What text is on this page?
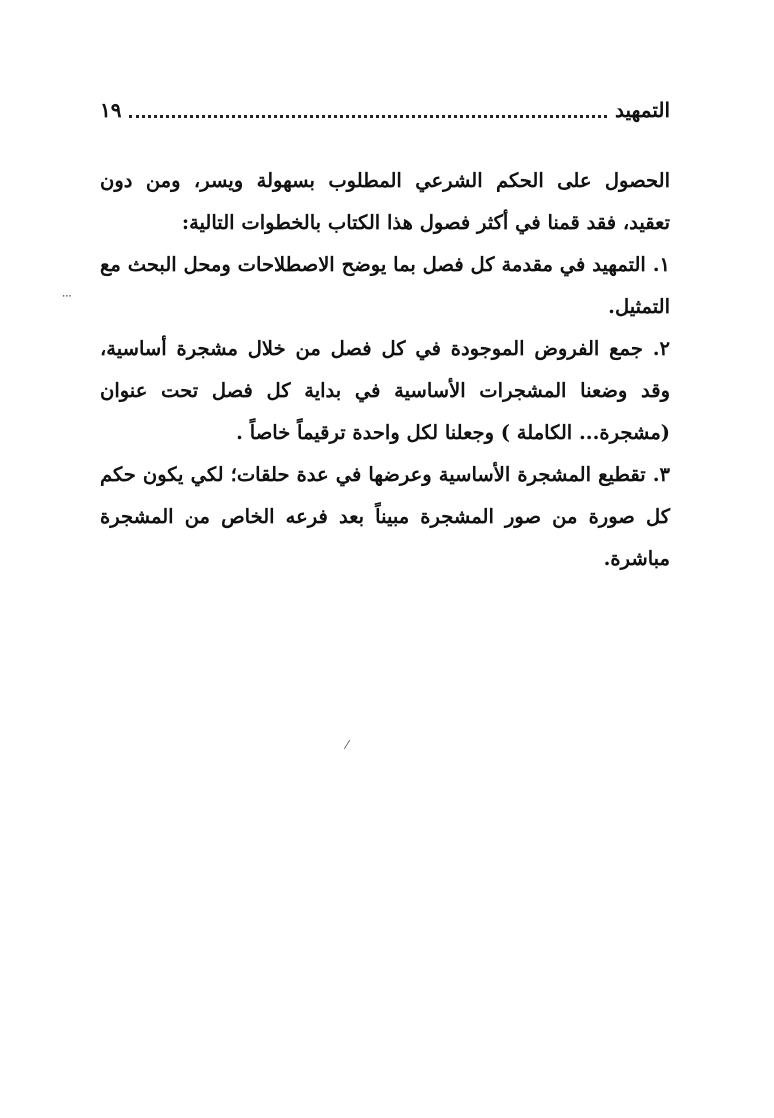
التمهيد
١٩

الحصول على الحكم الشرعي المطلوب بسهولة ويسر، ومن دون تعقيد، فقد قمنا في أكثر فصول هذا الكتاب بالخطوات التالية:

١. التمهيد في مقدمة كل فصل بما يوضح الاصطلاحات ومحل البحث مع التمثيل.

٢. جمع الفروض الموجودة في كل فصل من خلال مشجرة أساسية، وقد وضعنا المشجرات الأساسية في بداية كل فصل تحت عنوان (مشجرة... الكاملة ) وجعلنا لكل واحدة ترقيماً خاصاً .

٣. تقطيع المشجرة الأساسية وعرضها في عدة حلقات؛ لكي يكون حكم كل صورة من صور المشجرة مبيناً بعد فرعه الخاص من المشجرة مباشرة.

⸱⸱⸱
⁄
